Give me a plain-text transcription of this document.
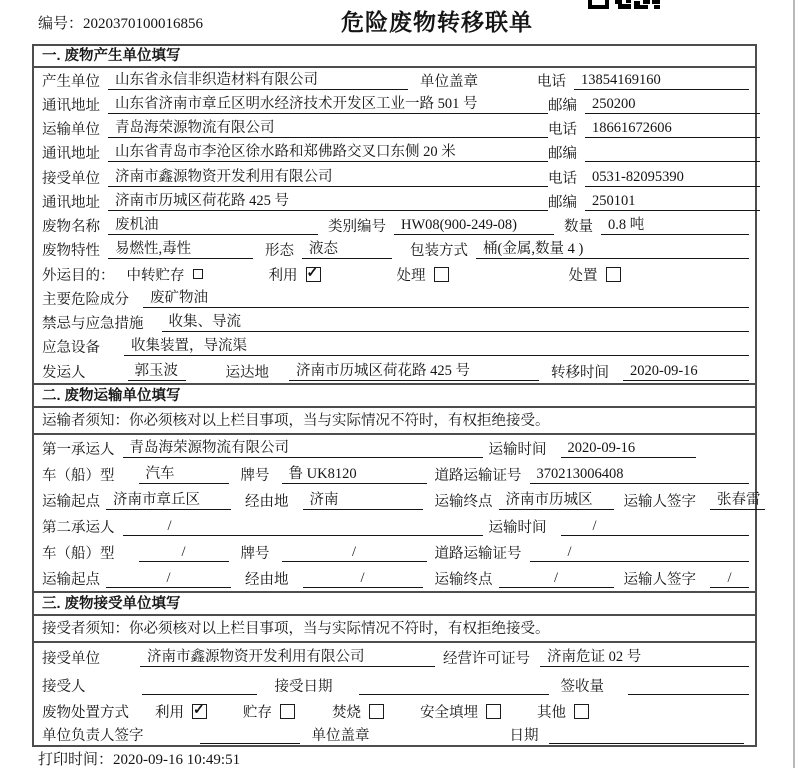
编号：2020370100016856	危险废物转移联单
一. 废物产生单位填写
产生单位	山东省永信非织造材料有限公司	单位盖章	电话	13854169160
通讯地址	山东省济南市章丘区明水经济技术开发区工业一路 501 号	邮编	250200
运输单位	青岛海荣源物流有限公司	电话	18661672606
通讯地址	山东省青岛市李沧区徐水路和郑佛路交叉口东侧 20 米	邮编
接受单位	济南市鑫源物资开发利用有限公司	电话	0531-82095390
通讯地址	济南市历城区荷花路 425 号	邮编	250101
废物名称	废机油	类别编号	HW08(900-249-08)	数量	0.8 吨
废物特性	易燃性,毒性	形态	液态	包装方式	桶(金属,数量 4 )
外运目的： 中转贮存	利用 ✓	处理	处置
主要危险成分	废矿物油
禁忌与应急措施	收集、导流
应急设备	收集装置，导流渠
发运人	郭玉波	运达地	济南市历城区荷花路 425 号	转移时间	2020-09-16
二. 废物运输单位填写
运输者须知：你必须核对以上栏目事项，当与实际情况不符时，有权拒绝接受。
第一承运人	青岛海荣源物流有限公司	运输时间	2020-09-16
车（船）型	汽车	牌号	鲁 UK8120	道路运输证号	370213006408
运输起点 济南市章丘区	经由地	济南	运输终点 济南市历城区	运输人签字	张春雷
第二承运人	/	运输时间	/
车（船）型	/	牌号	/	道路运输证号	/
运输起点	/	经由地	/	运输终点	/	运输人签字	/
三. 废物接受单位填写
接受者须知：你必须核对以上栏目事项，当与实际情况不符时，有权拒绝接受。
接受单位	济南市鑫源物资开发利用有限公司	经营许可证号	济南危证 02 号
接受人	接受日期	签收量
废物处置方式 利用 ✓	贮存	焚烧	安全填埋	其他
单位负责人签字	单位盖章	日期
打印时间：2020-09-16 10:49:51
